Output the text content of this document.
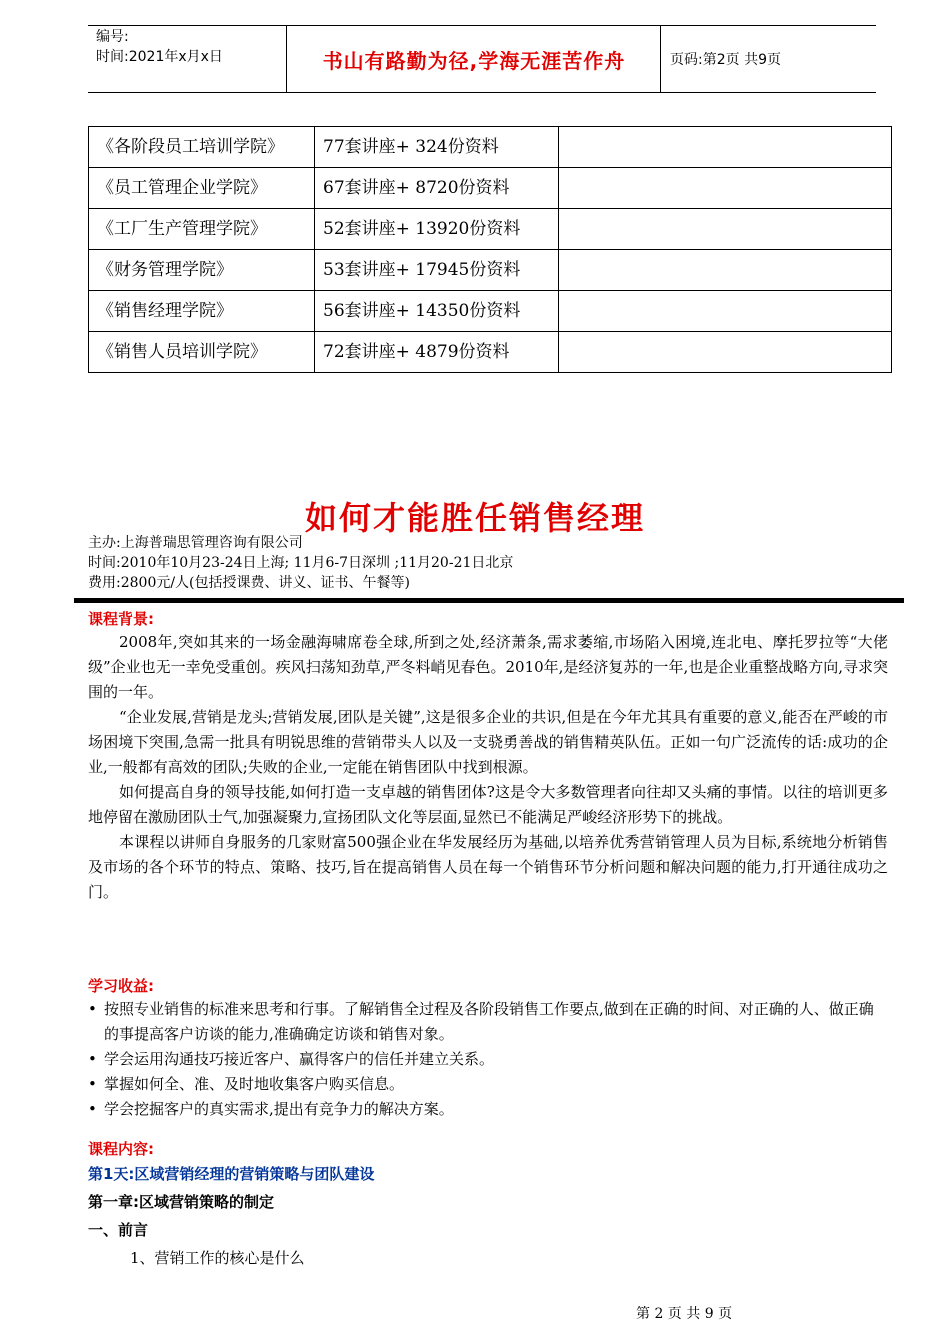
编号:
时间:2021年x月x日	书山有路勤为径,学海无涯苦作舟	页码:第2页 共9页
《各阶段员工培训学院》	77套讲座+ 324份资料	
《员工管理企业学院》	67套讲座+ 8720份资料	
《工厂生产管理学院》	52套讲座+ 13920份资料	
《财务管理学院》	53套讲座+ 17945份资料	
《销售经理学院》	56套讲座+ 14350份资料	
《销售人员培训学院》	72套讲座+ 4879份资料	
如何才能胜任销售经理
主办:上海普瑞思管理咨询有限公司
时间:2010年10月23-24日上海; 11月6-7日深圳 ;11月20-21日北京
费用:2800元/人(包括授课费、讲义、证书、午餐等)
课程背景:

2008年,突如其来的一场金融海啸席卷全球,所到之处,经济萧条,需求萎缩,市场陷入困境,连北电、摩托罗拉等“大佬级”企业也无一幸免受重创。疾风扫荡知劲草,严冬料峭见春色。2010年,是经济复苏的一年,也是企业重整战略方向,寻求突围的一年。

“企业发展,营销是龙头;营销发展,团队是关键”,这是很多企业的共识,但是在今年尤其具有重要的意义,能否在严峻的市场困境下突围,急需一批具有明锐思维的营销带头人以及一支骁勇善战的销售精英队伍。正如一句广泛流传的话:成功的企业,一般都有高效的团队;失败的企业,一定能在销售团队中找到根源。

如何提高自身的领导技能,如何打造一支卓越的销售团体?这是令大多数管理者向往却又头痛的事情。以往的培训更多地停留在激励团队士气,加强凝聚力,宣扬团队文化等层面,显然已不能满足严峻经济形势下的挑战。

本课程以讲师自身服务的几家财富500强企业在华发展经历为基础,以培养优秀营销管理人员为目标,系统地分析销售及市场的各个环节的特点、策略、技巧,旨在提高销售人员在每一个销售环节分析问题和解决问题的能力,打开通往成功之门。

学习收益:
• 按照专业销售的标准来思考和行事。了解销售全过程及各阶段销售工作要点,做到在正确的时间、对正确的人、做正确的事提高客户访谈的能力,准确确定访谈和销售对象。
• 学会运用沟通技巧接近客户、赢得客户的信任并建立关系。
• 掌握如何全、准、及时地收集客户购买信息。
• 学会挖掘客户的真实需求,提出有竞争力的解决方案。
课程内容:
第1天:区域营销经理的营销策略与团队建设
第一章:区域营销策略的制定
一、前言
1、营销工作的核心是什么
第 2 页 共 9 页
